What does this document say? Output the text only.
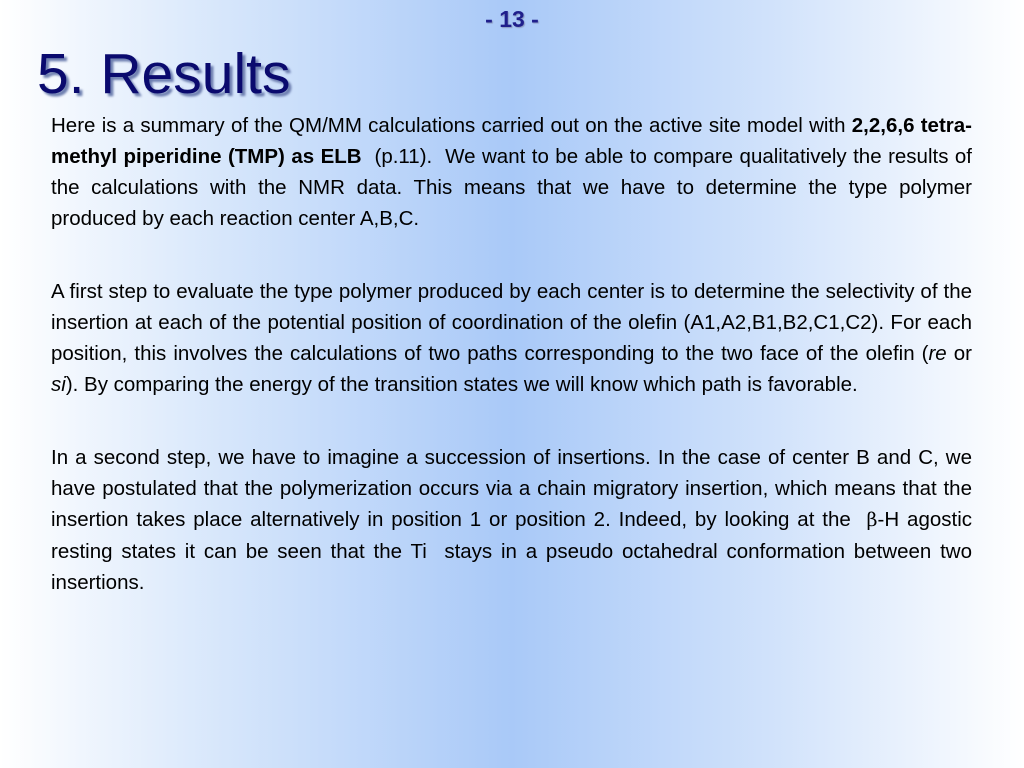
- 13 -
5. Results

Here is a summary of the QM/MM calculations carried out on the active site model with 2,2,6,6 tetra-methyl piperidine (TMP) as ELB  (p.11).  We want to be able to compare qualitatively the results of the calculations with the NMR data. This means that we have to determine the type polymer produced by each reaction center A,B,C.

A first step to evaluate the type polymer produced by each center is to determine the selectivity of the insertion at each of the potential position of coordination of the olefin (A1,A2,B1,B2,C1,C2). For each position, this involves the calculations of two paths corresponding to the two face of the olefin (re or si). By comparing the energy of the transition states we will know which path is favorable.

In a second step, we have to imagine a succession of insertions. In the case of center B and C, we have postulated that the polymerization occurs via a chain migratory insertion, which means that the insertion takes place alternatively in position 1 or position 2. Indeed, by looking at the  β-H agostic resting states it can be seen that the Ti  stays in a pseudo octahedral conformation between two insertions.
